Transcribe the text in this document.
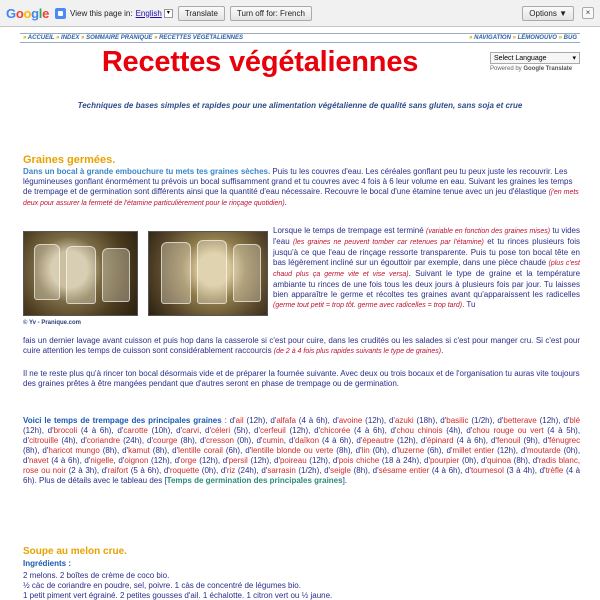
Google	View this page in: English ▾	Translate	Turn off for: French	Options ▼	×
» ACCUEIL » INDEX » SOMMAIRE PRANIQUE » RECETTES VÉGÉTALIENNES	» NAVIGATION » LÉMONOUVO » BUG
Recettes végétaliennes	Select Language	▾
Powered by Google Translate
Techniques de bases simples et rapides pour une alimentation végétalienne de qualité sans gluten, sans soja et crue
Graines germées.
Dans un bocal à grande embouchure tu mets tes graines sèches. Puis tu les couvres d'eau. Les céréales gonflant peu tu peux juste les recouvrir. Les légumineuses gonflant énormément tu prévois un bocal suffisamment grand et tu couvres avec 4 fois à 6 leur volume en eau. Suivant les graines les temps de trempage et de germination sont différents ainsi que la quantité d'eau nécessaire. Recouvre le bocal d'une étamine tenue avec un jeu d'élastique (j'en mets deux pour assurer la fermeté de l'étamine particulièrement pour le rinçage quotidien).
© Yv - Pranique.com
Lorsque le temps de trempage est terminé (variable en fonction des graines mises) tu vides l'eau (les graines ne peuvent tomber car retenues par l'étamine) et tu rinces plusieurs fois jusqu'à ce que l'eau de rinçage ressorte transparente. Puis tu pose ton bocal tête en bas légèrement incliné sur un égouttoir par exemple, dans une pièce chaude (plus c'est chaud plus ça germe vite et vise versa). Suivant le type de graine et la température ambiante tu rinces de une fois tous les deux jours à plusieurs fois par jour. Tu laisses bien apparaître le germe et récoltes tes graines avant qu'apparaissent les radicelles (germe tout petit = trop tôt. germe avec radicelles = trop tard). Tu
fais un dernier lavage avant cuisson et puis hop dans la casserole si c'est pour cuire, dans les crudités ou les salades si c'est pour manger cru. Si c'est pour cuire attention les temps de cuisson sont considérablement raccourcis (de 2 à 4 fois plus rapides suivants le type de graines).
Il ne te reste plus qu'à rincer ton bocal désormais vide et de préparer la fournée suivante. Avec deux ou trois bocaux et de l'organisation tu auras vite toujours des graines prêtes à être mangées pendant que d'autres seront en phase de trempage ou de germination.
Voici le temps de trempage des principales graines : d'ail (12h), d'alfafa (4 à 6h), d'avoine (12h), d'azuki (18h), d'basilic (1/2h), d'betterave (12h), d'blé (12h), d'brocoli (4 à 6h), d'carotte (10h), d'carvi, d'céleri (5h), d'cerfeuil (12h), d'chicorée (4 à 6h), d'chou chinois (4h), d'chou rouge ou vert (4 à 5h), d'citrouille (4h), d'coriandre (24h), d'courge (8h), d'cresson (0h), d'cumin, d'daïkon (4 à 6h), d'épeautre (12h), d'épinard (4 à 6h), d'fenouil (9h), d'fénugrec (8h), d'haricot mungo (8h), d'kamut (8h), d'lentille corail (6h), d'lentille blonde ou verte (8h), d'lin (0h), d'luzerne (6h), d'millet entier (12h), d'moutarde (0h), d'navet (4 à 6h), d'nigelle, d'oignon (12h), d'orge (12h), d'persil (12h), d'poireau (12h), d'pois chiche (18 à 24h), d'pourpier (0h), d'quinoa (8h), d'radis blanc, rose ou noir (2 à 3h), d'raifort (5 à 6h), d'roquette (0h), d'riz (24h), d'sarrasin (1/2h), d'seigle (8h), d'sésame entier (4 à 6h), d'tournesol (3 à 4h), d'trèfle (4 à 6h). Plus de détails avec le tableau des [Temps de germination des principales graines].
Soupe au melon crue.
Ingrédients :
2 melons. 2 boîtes de crème de coco bio.
½ càc de coriandre en poudre, sel, poivre. 1 càs de concentré de légumes bio.
1 petit piment vert égrainé. 2 petites gousses d'ail. 1 échalotte. 1 citron vert ou ½ jaune.
